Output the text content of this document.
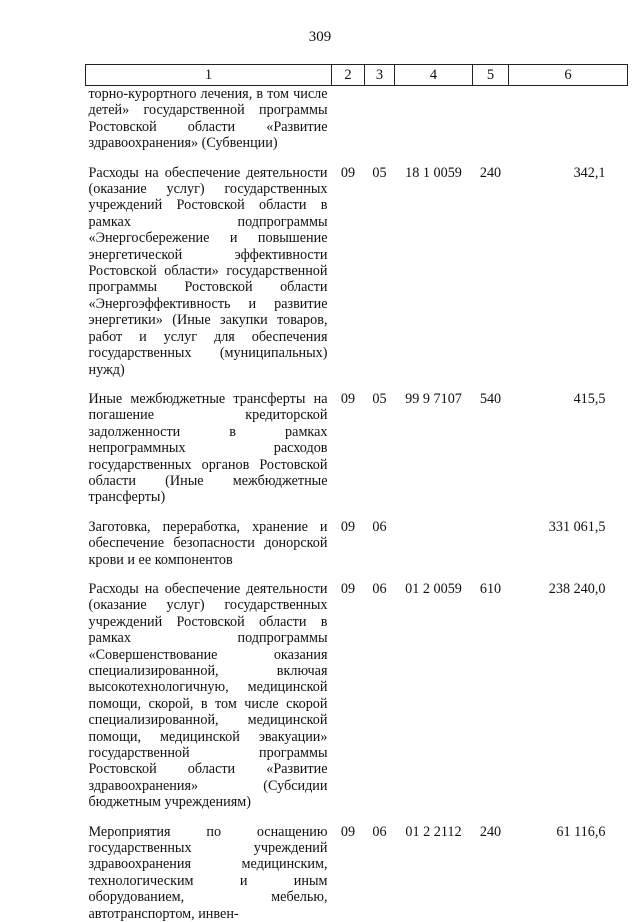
309
1	2	3	4	5	6
торно-курортного лечения, в том числе детей» государственной программы Ростовской области «Развитие здравоохранения» (Субвенции)					
Расходы на обеспечение деятельности (оказание услуг) государственных учреждений Ростовской области в рамках подпрограммы «Энергосбережение и повышение энергетической эффективности Ростовской области» государственной программы Ростовской области «Энергоэффективность и развитие энергетики» (Иные закупки товаров, работ и услуг для обеспечения государственных (муниципальных) нужд)	09	05	18 1 0059	240	342,1
Иные межбюджетные трансферты на погашение кредиторской задолженности в рамках непрограммных расходов государственных органов Ростовской области (Иные межбюджетные трансферты)	09	05	99 9 7107	540	415,5
Заготовка, переработка, хранение и обеспечение безопасности донорской крови и ее компонентов	09	06			331 061,5
Расходы на обеспечение деятельности (оказание услуг) государственных учреждений Ростовской области в рамках подпрограммы «Совершенствование оказания специализированной, включая высокотехнологичную, медицинской помощи, скорой, в том числе скорой специализированной, медицинской помощи, медицинской эвакуации» государственной программы Ростовской области «Развитие здравоохранения» (Субсидии бюджетным учреждениям)	09	06	01 2 0059	610	238 240,0
Мероприятия по оснащению государственных учреждений здравоохранения медицинским, технологическим и иным оборудованием, мебелью, автотранспортом, инвен-	09	06	01 2 2112	240	61 116,6
